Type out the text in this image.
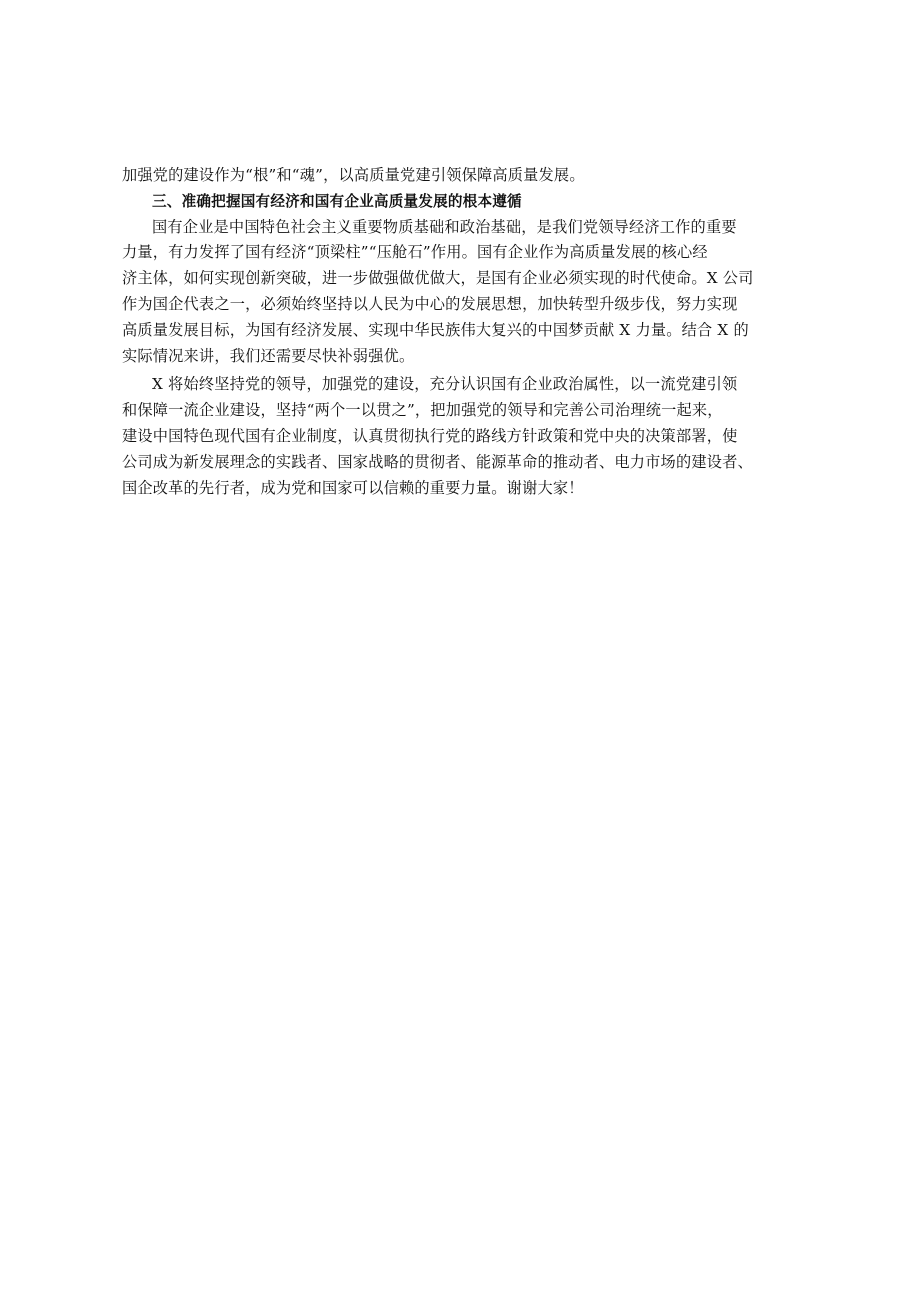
加强党的建设作为“根”和“魂”，以高质量党建引领保障高质量发展。
三、准确把握国有经济和国有企业高质量发展的根本遵循
国有企业是中国特色社会主义重要物质基础和政治基础，是我们党领导经济工作的重要
力量，有力发挥了国有经济“顶梁柱”“压舱石”作用。国有企业作为高质量发展的核心经
济主体，如何实现创新突破，进一步做强做优做大，是国有企业必须实现的时代使命。X 公司
作为国企代表之一，必须始终坚持以人民为中心的发展思想，加快转型升级步伐，努力实现
高质量发展目标，为国有经济发展、实现中华民族伟大复兴的中国梦贡献 X 力量。结合 X 的
实际情况来讲，我们还需要尽快补弱强优。
X 将始终坚持党的领导，加强党的建设，充分认识国有企业政治属性，以一流党建引领
和保障一流企业建设，坚持“两个一以贯之”，把加强党的领导和完善公司治理统一起来，
建设中国特色现代国有企业制度，认真贯彻执行党的路线方针政策和党中央的决策部署，使
公司成为新发展理念的实践者、国家战略的贯彻者、能源革命的推动者、电力市场的建设者、
国企改革的先行者，成为党和国家可以信赖的重要力量。谢谢大家！
